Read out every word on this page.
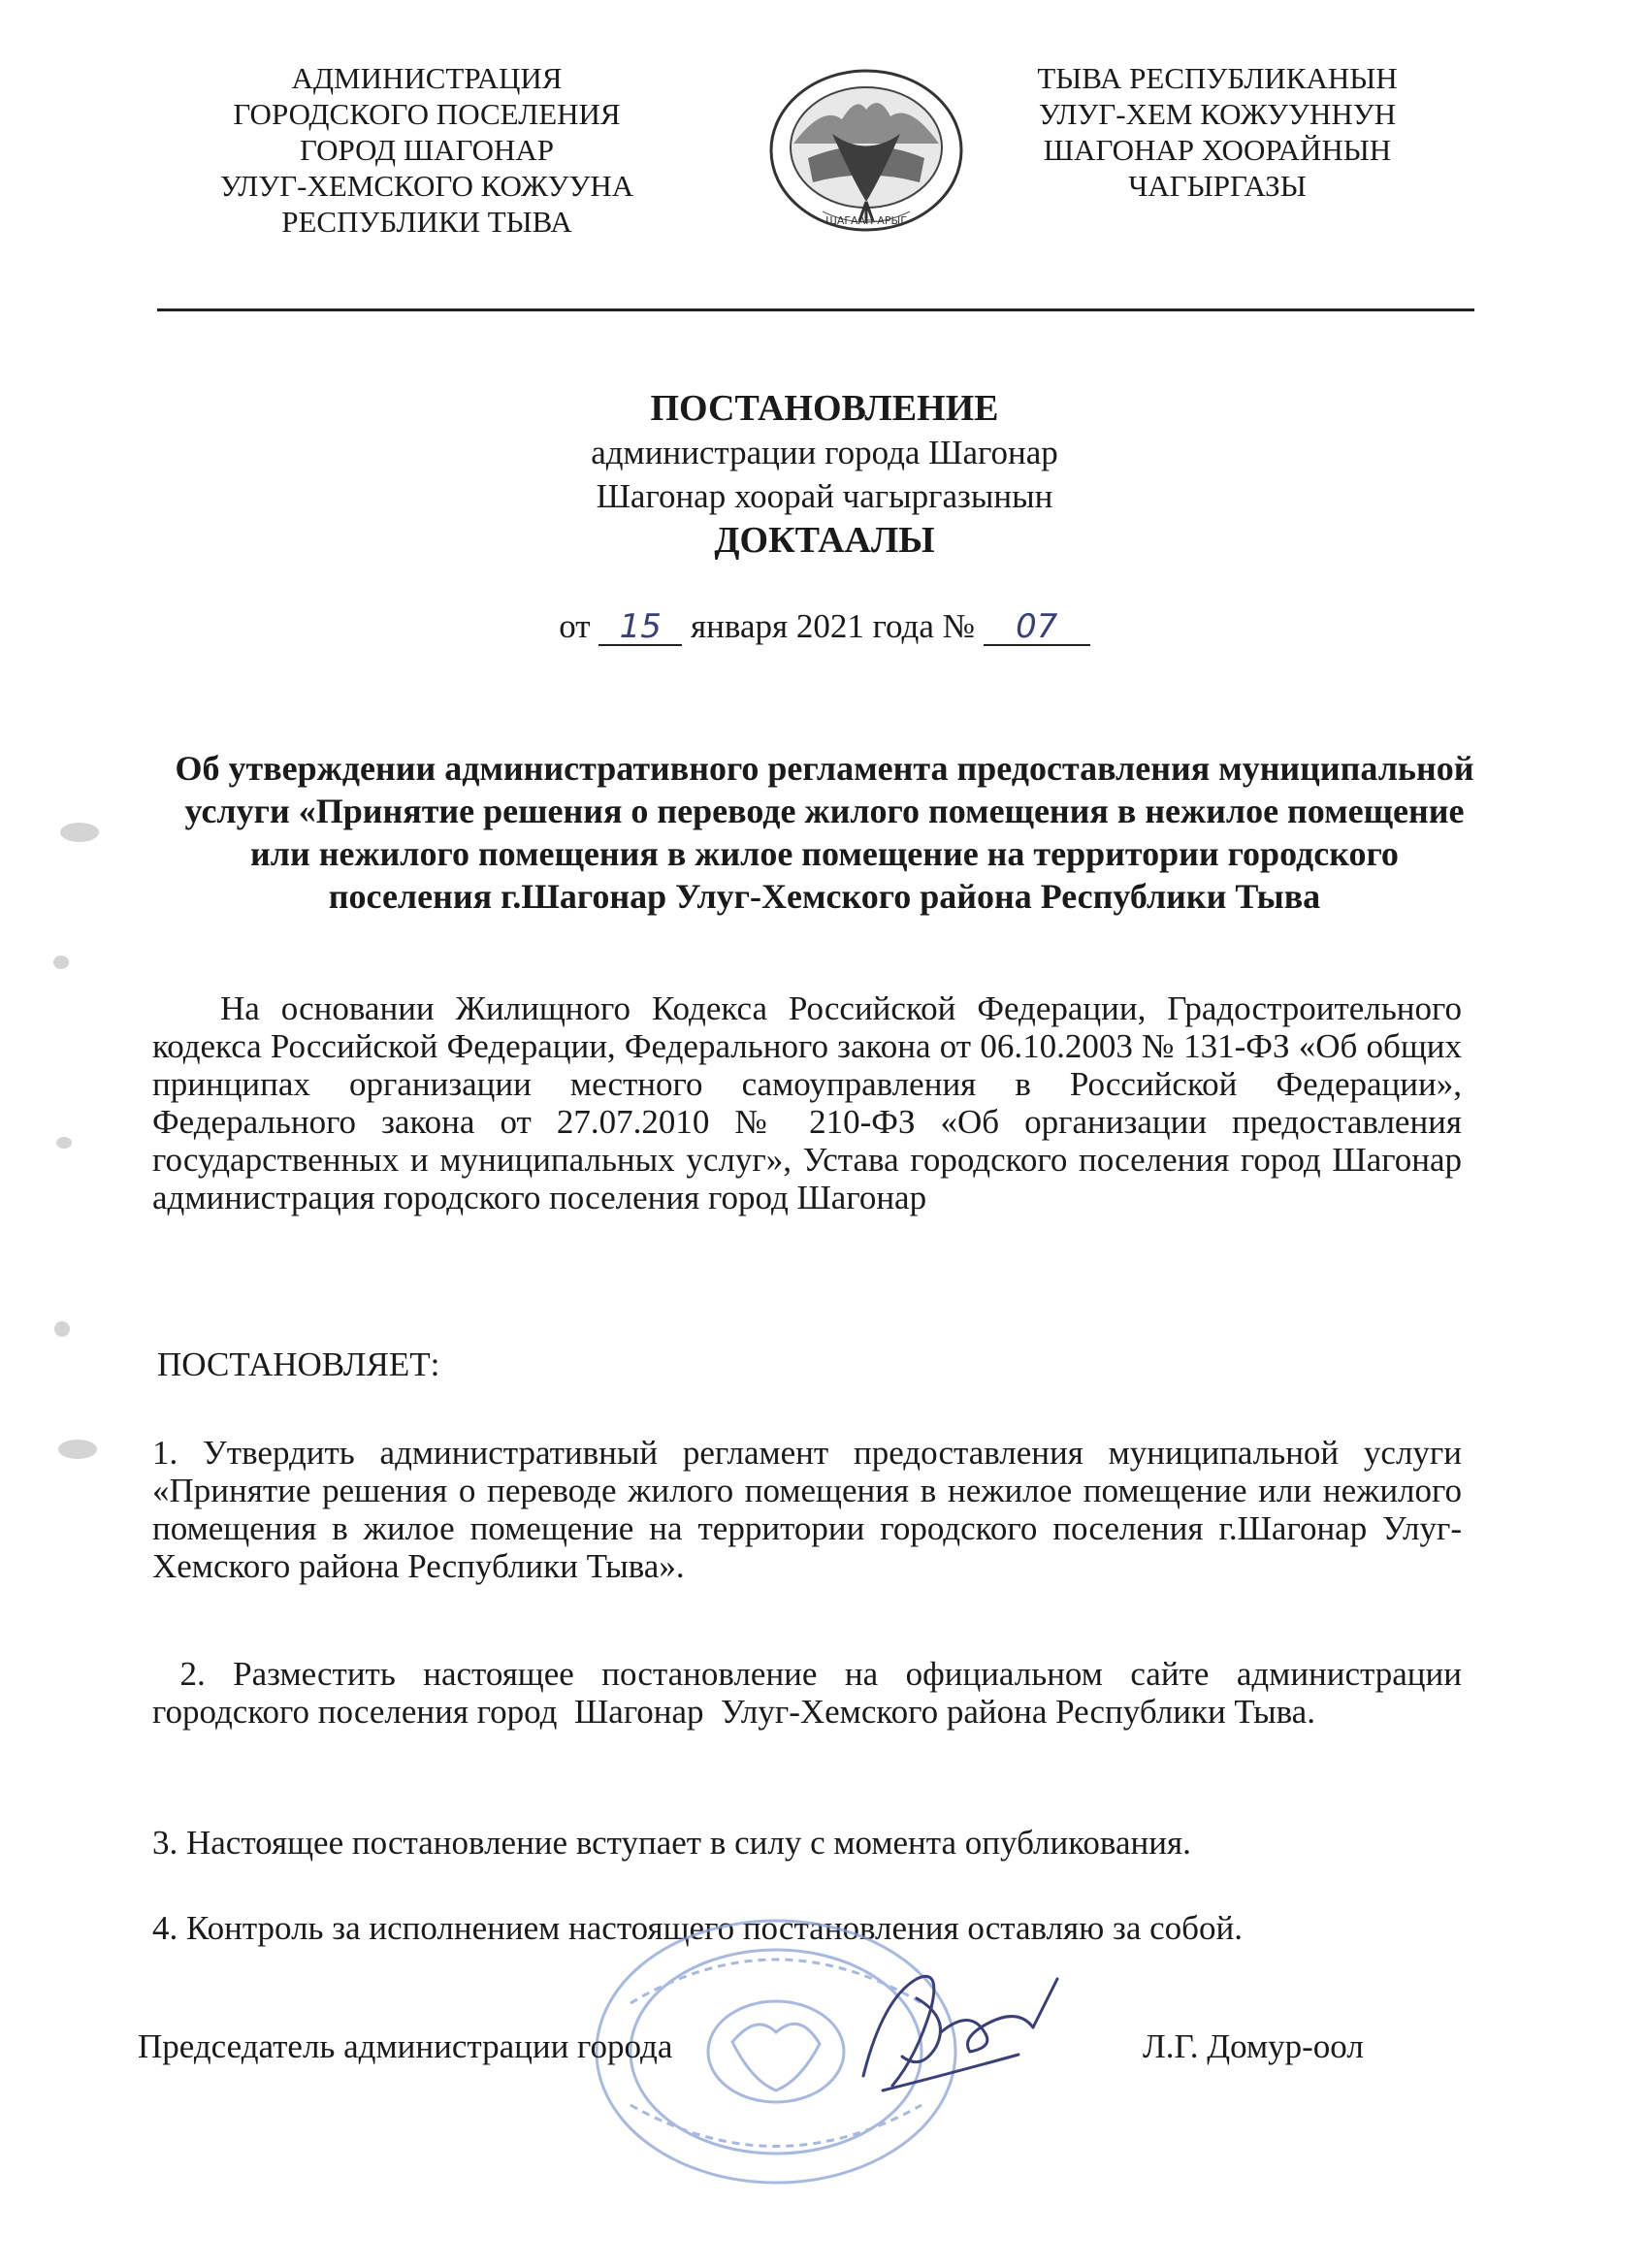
АДМИНИСТРАЦИЯ
ГОРОДСКОГО ПОСЕЛЕНИЯ
ГОРОД ШАГОНАР
УЛУГ-ХЕМСКОГО КОЖУУНА
РЕСПУБЛИКИ ТЫВА	ШАГААН-АРЫГ
ТЫВА РЕСПУБЛИКАНЫН
УЛУГ-ХЕМ КОЖУУННУН
ШАГОНАР ХООРАЙНЫН
ЧАГЫРГАЗЫ
ПОСТАНОВЛЕНИЕ
администрации города Шагонар
Шагонар хоорай чагыргазынын
ДОКТААЛЫ
от 15 января 2021 года № 07
Об утверждении административного регламента предоставления муниципальной услуги «Принятие решения о переводе жилого помещения в нежилое помещение или нежилого помещения в жилое помещение на территории городского поселения г.Шагонар Улуг-Хемского района Республики Тыва
На основании Жилищного Кодекса Российской Федерации, Градостроительного кодекса Российской Федерации, Федерального закона от 06.10.2003 № 131-ФЗ «Об общих принципах организации местного самоуправления в Российской Федерации», Федерального закона от 27.07.2010 № 210-ФЗ «Об организации предоставления государственных и муниципальных услуг», Устава городского поселения город Шагонар администрация городского поселения город Шагонар
ПОСТАНОВЛЯЕТ:
1. Утвердить административный регламент предоставления муниципальной услуги «Принятие решения о переводе жилого помещения в нежилое помещение или нежилого помещения в жилое помещение на территории городского поселения г.Шагонар Улуг-Хемского района Республики Тыва».
2. Разместить настоящее постановление на официальном сайте администрации  городского поселения город  Шагонар  Улуг-Хемского района Республики Тыва.
3. Настоящее постановление вступает в силу с момента опубликования.
4. Контроль за исполнением настоящего постановления оставляю за собой.
Председатель администрации города	Л.Г. Домур-оол
